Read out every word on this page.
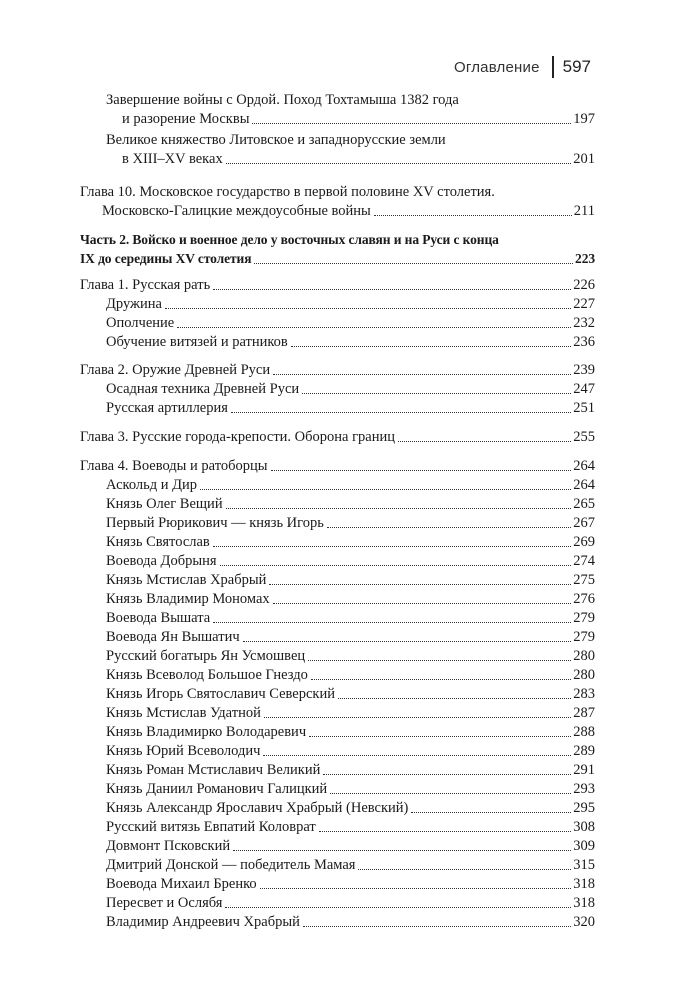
Оглавление 597
Завершение войны с Ордой. Поход Тохтамыша 1382 года
и разорение Москвы	197
Великое княжество Литовское и западнорусские земли
в XIII–XV веках	201
Глава 10. Московское государство в первой половине XV столетия.
Московско-Галицкие междоусобные войны	211
Часть 2. Войско и военное дело у восточных славян и на Руси с конца
IX до середины XV столетия	223
Глава 1. Русская рать	226
Дружина	227
Ополчение	232
Обучение витязей и ратников	236
Глава 2. Оружие Древней Руси	239
Осадная техника Древней Руси	247
Русская артиллерия	251
Глава 3. Русские города-крепости. Оборона границ	255
Глава 4. Воеводы и ратоборцы	264
Аскольд и Дир	264
Князь Олег Вещий	265
Первый Рюрикович — князь Игорь	267
Князь Святослав	269
Воевода Добрыня	274
Князь Мстислав Храбрый	275
Князь Владимир Мономах	276
Воевода Вышата	279
Воевода Ян Вышатич	279
Русский богатырь Ян Усмошвец	280
Князь Всеволод Большое Гнездо	280
Князь Игорь Святославич Северский	283
Князь Мстислав Удатной	287
Князь Владимирко Володаревич	288
Князь Юрий Всеволодич	289
Князь Роман Мстиславич Великий	291
Князь Даниил Романович Галицкий	293
Князь Александр Ярославич Храбрый (Невский)	295
Русский витязь Евпатий Коловрат	308
Довмонт Псковский	309
Дмитрий Донской — победитель Мамая	315
Воевода Михаил Бренко	318
Пересвет и Ослябя	318
Владимир Андреевич Храбрый	320
